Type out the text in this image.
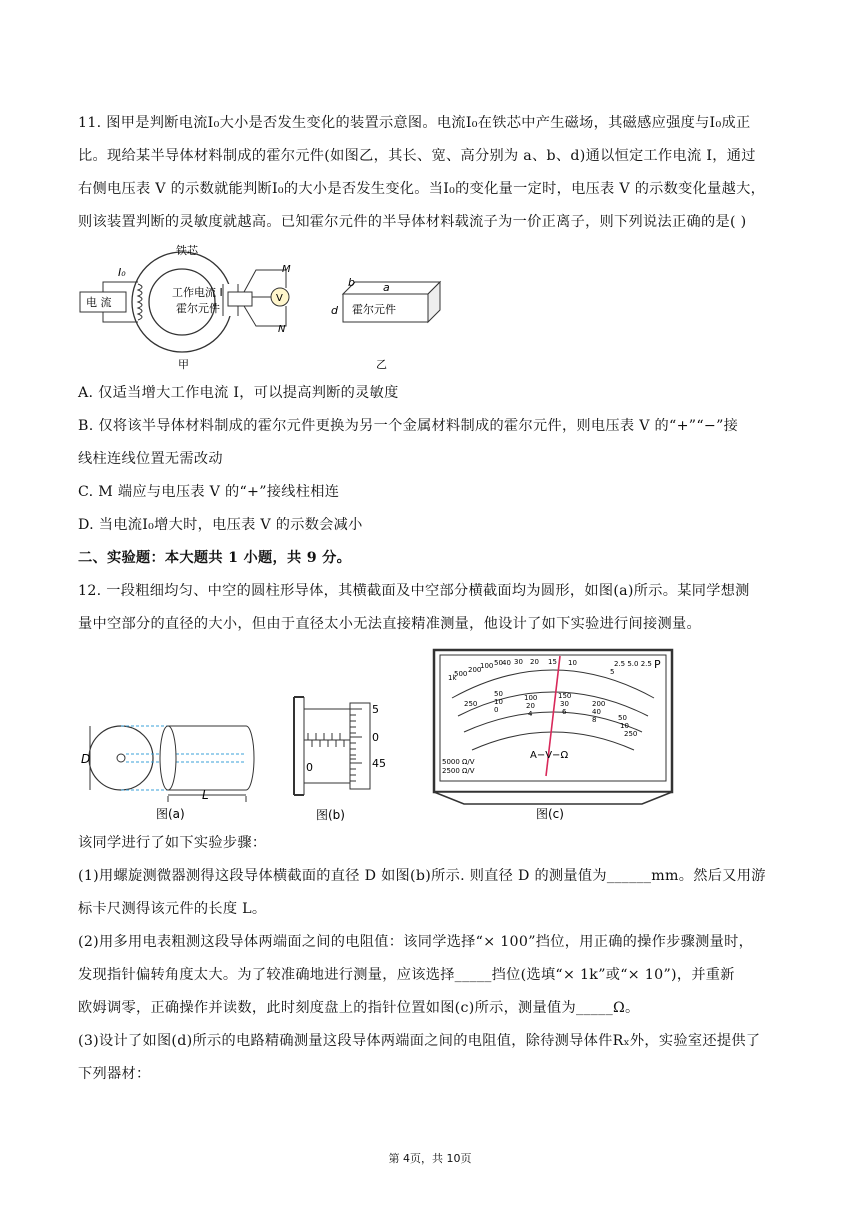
11. 图甲是判断电流I₀大小是否发生变化的装置示意图。电流I₀在铁芯中产生磁场，其磁感应强度与I₀成正
比。现给某半导体材料制成的霍尔元件(如图乙，其长、宽、高分别为 a、b、d)通以恒定工作电流 I，通过
右侧电压表 V 的示数就能判断I₀的大小是否发生变化。当I₀的变化量一定时，电压表 V 的示数变化量越大，
则该装置判断的灵敏度就越高。已知霍尔元件的半导体材料载流子为一价正离子，则下列说法正确的是( )
铁芯
电 流
I₀
工作电流 I
霍尔元件
V
M
N
甲
b	a
d 霍尔元件
乙
A. 仅适当增大工作电流 I，可以提高判断的灵敏度
B. 仅将该半导体材料制成的霍尔元件更换为另一个金属材料制成的霍尔元件，则电压表 V 的“+”“−”接
线柱连线位置无需改动
C. M 端应与电压表 V 的“+”接线柱相连
D. 当电流I₀增大时，电压表 V 的示数会减小
二、实验题：本大题共 1 小题，共 9 分。
12. 一段粗细均匀、中空的圆柱形导体，其横截面及中空部分横截面均为圆形，如图(a)所示。某同学想测
量中空部分的直径的大小，但由于直径太小无法直接精准测量，他设计了如下实验进行间接测量。
D
L
图(a)
0
5
0
45
图(b)
1k
500 200
100 50 40 30 20 15 10
5
2.5 5.0 2.5
250
50
10
0
100
20
4
150
30
6
200
40
8	50
10
250
A−V−Ω
5000 Ω/V
2500 Ω/V
P
图(c)
该同学进行了如下实验步骤：
(1)用螺旋测微器测得这段导体横截面的直径 D 如图(b)所示. 则直径 D 的测量值为______mm。然后又用游
标卡尺测得该元件的长度 L。
(2)用多用电表粗测这段导体两端面之间的电阻值：该同学选择“× 100”挡位，用正确的操作步骤测量时，
发现指针偏转角度太大。为了较准确地进行测量，应该选择_____挡位(选填“× 1k”或“× 10”)，并重新
欧姆调零，正确操作并读数，此时刻度盘上的指针位置如图(c)所示，测量值为_____Ω。
(3)设计了如图(d)所示的电路精确测量这段导体两端面之间的电阻值，除待测导体件Rₓ外，实验室还提供了
下列器材：
第 4页，共 10页
